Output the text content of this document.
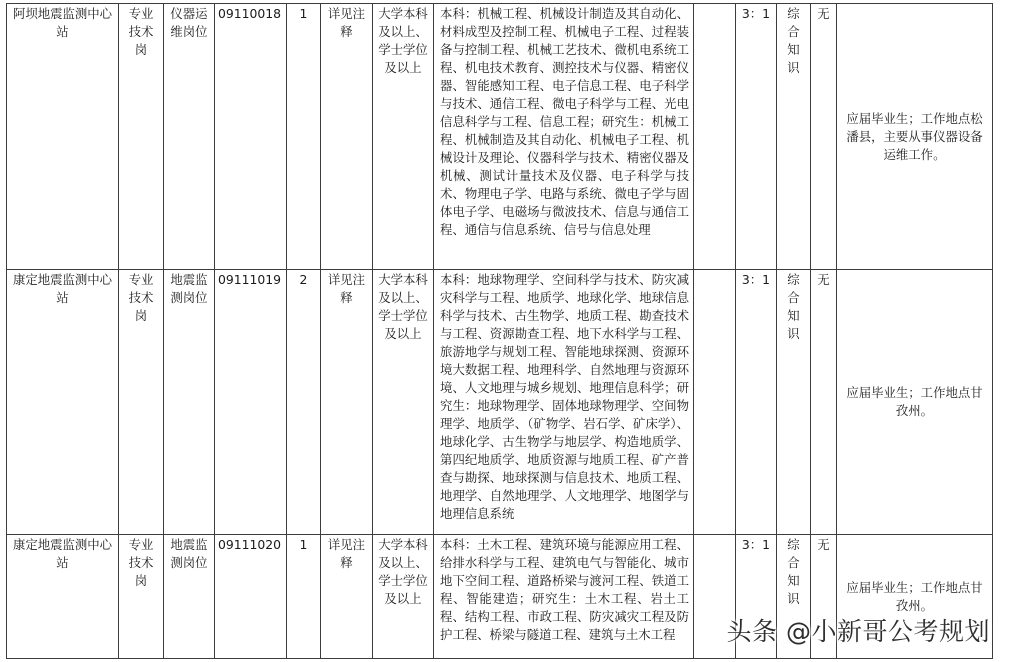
阿坝地震监测中心站	专业技术岗	仪器运维岗位	09110018	1	详见注释	大学本科及以上、学士学位及以上	本科：机械工程、机械设计制造及其自动化、材料成型及控制工程、机械电子工程、过程装备与控制工程、机械工艺技术、微机电系统工程、机电技术教育、测控技术与仪器、精密仪器、智能感知工程、电子信息工程、电子科学与技术、通信工程、微电子科学与工程、光电信息科学与工程、信息工程；研究生：机械工程、机械制造及其自动化、机械电子工程、机械设计及理论、仪器科学与技术、精密仪器及机械、测试计量技术及仪器、电子科学与技术、物理电子学、电路与系统、微电子学与固体电子学、电磁场与微波技术、信息与通信工程、通信与信息系统、信号与信息处理		3：1	综合知识	无	应届毕业生；工作地点松潘县，主要从事仪器设备运维工作。
康定地震监测中心站	专业技术岗	地震监测岗位	09111019	2	详见注释	大学本科及以上、学士学位及以上	本科：地球物理学、空间科学与技术、防灾减灾科学与工程、地质学、地球化学、地球信息科学与技术、古生物学、地质工程、勘查技术与工程、资源勘查工程、地下水科学与工程、旅游地学与规划工程、智能地球探测、资源环境大数据工程、地理科学、自然地理与资源环境、人文地理与城乡规划、地理信息科学；研究生：地球物理学、固体地球物理学、空间物理学、地质学、（矿物学、岩石学、矿床学）、地球化学、古生物学与地层学、构造地质学、第四纪地质学、地质资源与地质工程、矿产普查与勘探、地球探测与信息技术、地质工程、地理学、自然地理学、人文地理学、地图学与地理信息系统		3：1	综合知识	无	应届毕业生；工作地点甘孜州。
康定地震监测中心站	专业技术岗	地震监测岗位	09111020	1	详见注释	大学本科及以上、学士学位及以上	本科：土木工程、建筑环境与能源应用工程、给排水科学与工程、建筑电气与智能化、城市地下空间工程、道路桥梁与渡河工程、铁道工程、智能建造；研究生：土木工程、岩土工程、结构工程、市政工程、防灾减灾工程及防护工程、桥梁与隧道工程、建筑与土木工程		3：1	综合知识	无	应届毕业生；工作地点甘孜州。
头条 @小新哥公考规划
